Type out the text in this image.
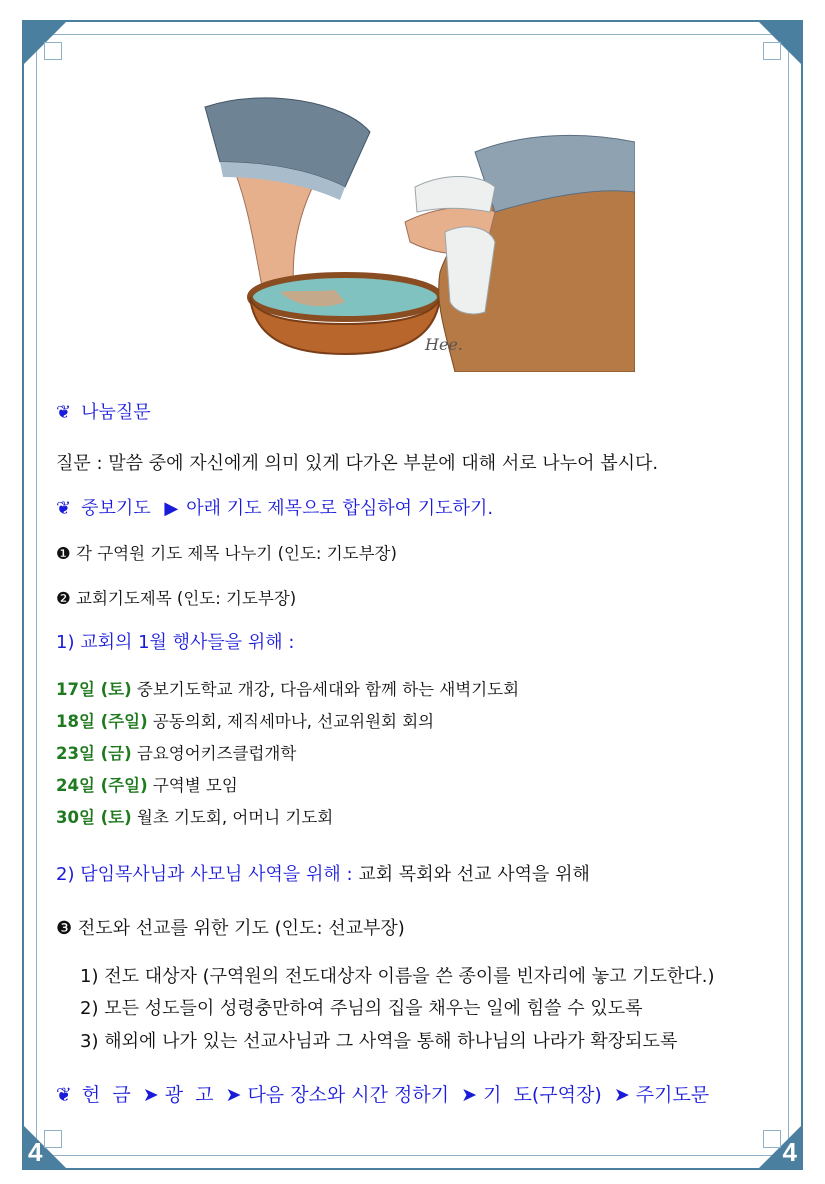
4	4
Hee.
❦ 나눔질문
질문 : 말씀 중에 자신에게 의미 있게 다가온 부분에 대해 서로 나누어 봅시다.
❦ 중보기도 ▶ 아래 기도 제목으로 합심하여 기도하기.
❶ 각 구역원 기도 제목 나누기 (인도: 기도부장)
❷ 교회기도제목 (인도: 기도부장)
1) 교회의 1월 행사들을 위해 :
17일 (토) 중보기도학교 개강, 다음세대와 함께 하는 새벽기도회
18일 (주일) 공동의회, 제직세마나, 선교위원회 회의
23일 (금) 금요영어키즈클럽개학
24일 (주일) 구역별 모임
30일 (토) 월초 기도회, 어머니 기도회
2) 담임목사님과 사모님 사역을 위해 : 교회 목회와 선교 사역을 위해
❸ 전도와 선교를 위한 기도 (인도: 선교부장)
1) 전도 대상자 (구역원의 전도대상자 이름을 쓴 종이를 빈자리에 놓고 기도한다.)
2) 모든 성도들이 성령충만하여 주님의 집을 채우는 일에 힘쓸 수 있도록
3) 해외에 나가 있는 선교사님과 그 사역을 통해 하나님의 나라가 확장되도록
❦ 헌  금 ➤ 광  고 ➤ 다음 장소와 시간 정하기 ➤ 기  도(구역장) ➤ 주기도문
